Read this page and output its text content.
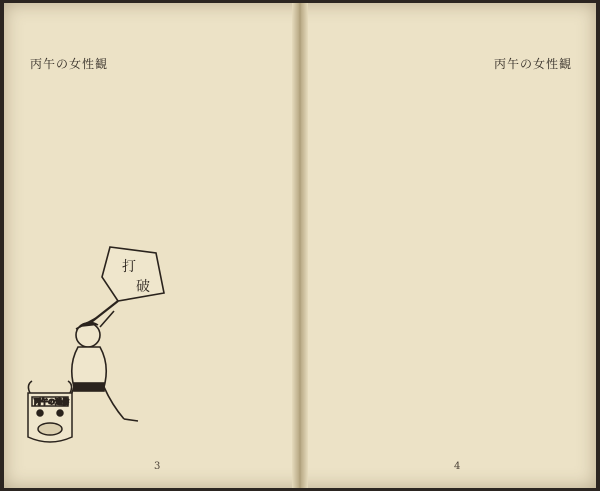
丙午の女性観
打
破
丙午の迷信
3
丙午の女性観
4
